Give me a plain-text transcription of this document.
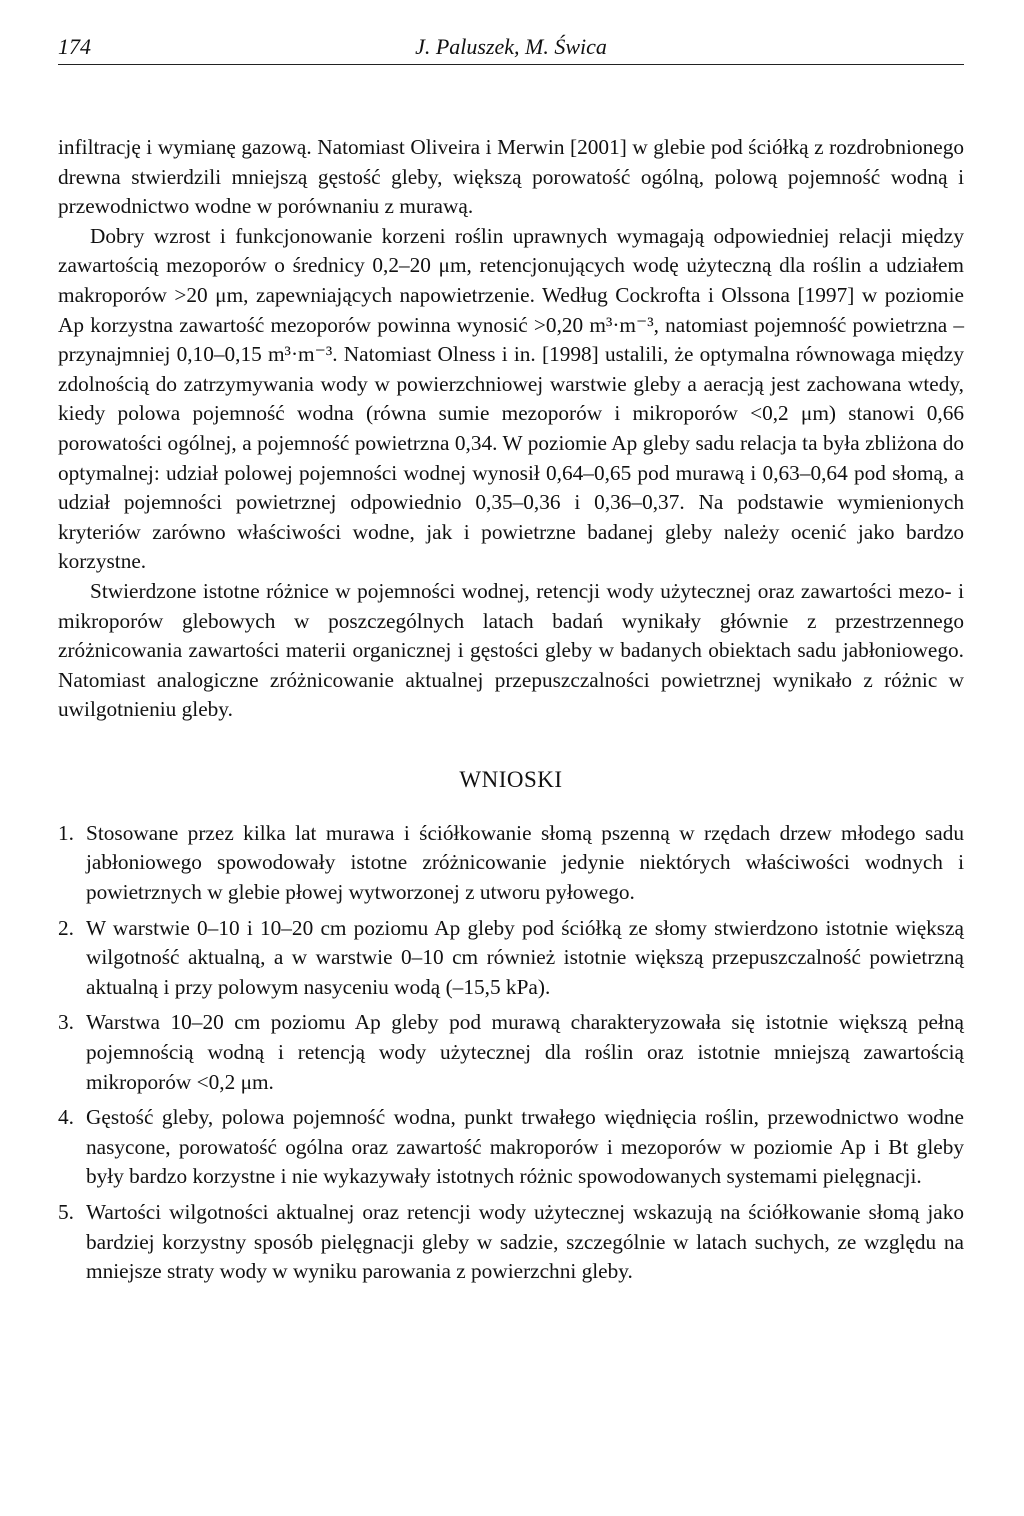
174	J. Paluszek, M. Świca

infiltrację i wymianę gazową. Natomiast Oliveira i Merwin [2001] w glebie pod ściółką z rozdrobnionego drewna stwierdzili mniejszą gęstość gleby, większą porowatość ogólną, polową pojemność wodną i przewodnictwo wodne w porównaniu z murawą.

Dobry wzrost i funkcjonowanie korzeni roślin uprawnych wymagają odpowiedniej relacji między zawartością mezoporów o średnicy 0,2–20 μm, retencjonujących wodę użyteczną dla roślin a udziałem makroporów >20 μm, zapewniających napowietrzenie. Według Cockrofta i Olssona [1997] w poziomie Ap korzystna zawartość mezoporów powinna wynosić >0,20 m³·m⁻³, natomiast pojemność powietrzna – przynajmniej 0,10–0,15 m³·m⁻³. Natomiast Olness i in. [1998] ustalili, że optymalna równowaga między zdolnością do zatrzymywania wody w powierzchniowej warstwie gleby a aeracją jest zachowana wtedy, kiedy polowa pojemność wodna (równa sumie mezoporów i mikroporów <0,2 μm) stanowi 0,66 porowatości ogólnej, a pojemność powietrzna 0,34. W poziomie Ap gleby sadu relacja ta była zbliżona do optymalnej: udział polowej pojemności wodnej wynosił 0,64–0,65 pod murawą i 0,63–0,64 pod słomą, a udział pojemności powietrznej odpowiednio 0,35–0,36 i 0,36–0,37. Na podstawie wymienionych kryteriów zarówno właściwości wodne, jak i powietrzne badanej gleby należy ocenić jako bardzo korzystne.

Stwierdzone istotne różnice w pojemności wodnej, retencji wody użytecznej oraz zawartości mezo- i mikroporów glebowych w poszczególnych latach badań wynikały głównie z przestrzennego zróżnicowania zawartości materii organicznej i gęstości gleby w badanych obiektach sadu jabłoniowego. Natomiast analogiczne zróżnicowanie aktualnej przepuszczalności powietrznej wynikało z różnic w uwilgotnieniu gleby.

WNIOSKI
1. Stosowane przez kilka lat murawa i ściółkowanie słomą pszenną w rzędach drzew młodego sadu jabłoniowego spowodowały istotne zróżnicowanie jedynie niektórych właściwości wodnych i powietrznych w glebie płowej wytworzonej z utworu pyłowego.
2. W warstwie 0–10 i 10–20 cm poziomu Ap gleby pod ściółką ze słomy stwierdzono istotnie większą wilgotność aktualną, a w warstwie 0–10 cm również istotnie większą przepuszczalność powietrzną aktualną i przy polowym nasyceniu wodą (–15,5 kPa).
3. Warstwa 10–20 cm poziomu Ap gleby pod murawą charakteryzowała się istotnie większą pełną pojemnością wodną i retencją wody użytecznej dla roślin oraz istotnie mniejszą zawartością mikroporów <0,2 μm.
4. Gęstość gleby, polowa pojemność wodna, punkt trwałego więdnięcia roślin, przewodnictwo wodne nasycone, porowatość ogólna oraz zawartość makroporów i mezoporów w poziomie Ap i Bt gleby były bardzo korzystne i nie wykazywały istotnych różnic spowodowanych systemami pielęgnacji.
5. Wartości wilgotności aktualnej oraz retencji wody użytecznej wskazują na ściółkowanie słomą jako bardziej korzystny sposób pielęgnacji gleby w sadzie, szczególnie w latach suchych, ze względu na mniejsze straty wody w wyniku parowania z powierzchni gleby.
